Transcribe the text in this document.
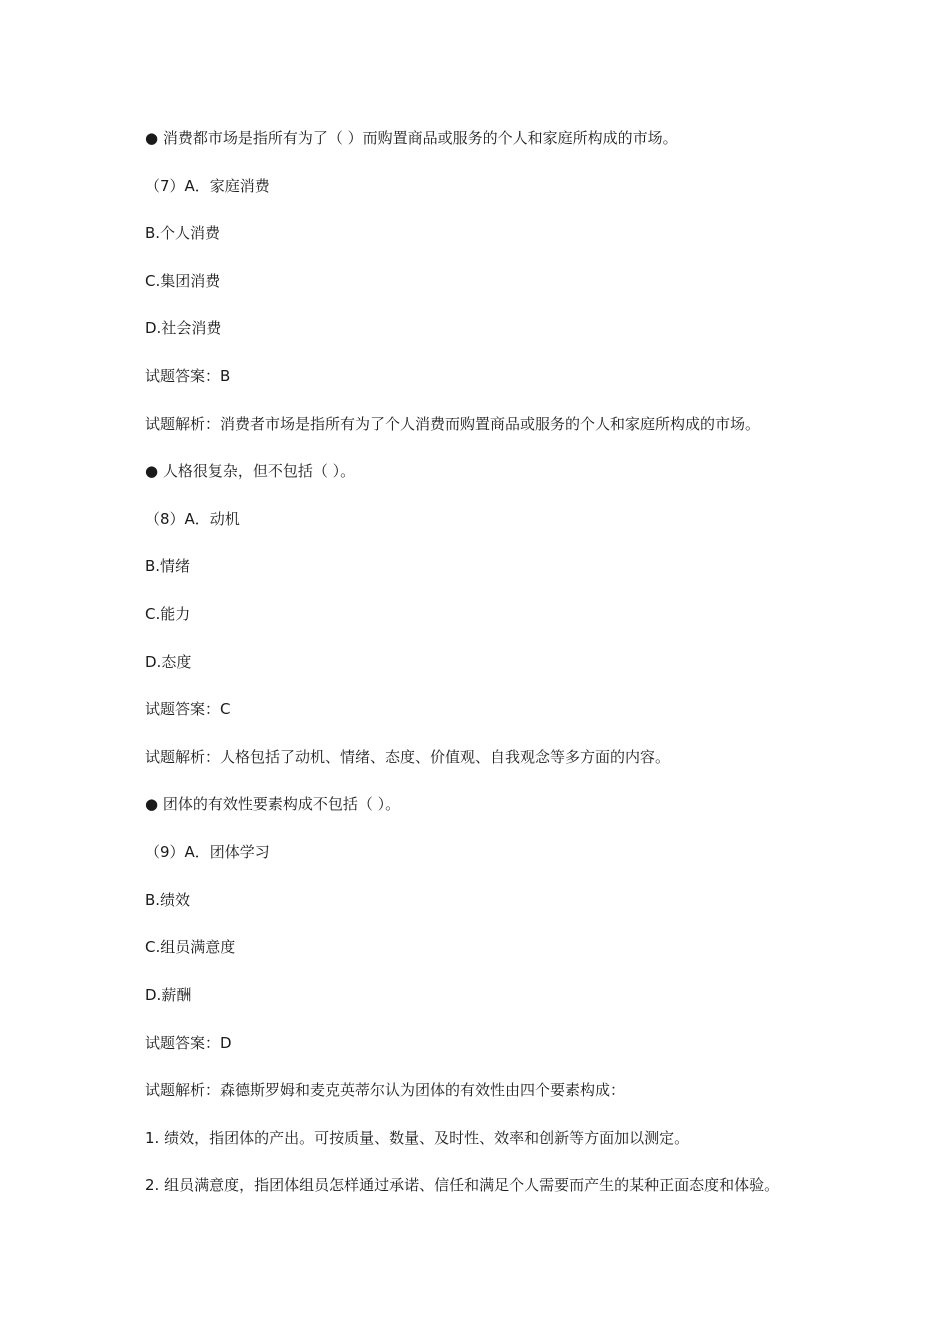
● 消费都市场是指所有为了（ ）而购置商品或服务的个人和家庭所构成的市场。
（7）A．家庭消费
B.个人消费
C.集团消费
D.社会消费
试题答案：B
试题解析：消费者市场是指所有为了个人消费而购置商品或服务的个人和家庭所构成的市场。
● 人格很复杂，但不包括（ ）。
（8）A．动机
B.情绪
C.能力
D.态度
试题答案：C
试题解析：人格包括了动机、情绪、态度、价值观、自我观念等多方面的内容。
● 团体的有效性要素构成不包括（ ）。
（9）A．团体学习
B.绩效
C.组员满意度
D.薪酬
试题答案：D
试题解析：森德斯罗姆和麦克英蒂尔认为团体的有效性由四个要素构成：
1. 绩效，指团体的产出。可按质量、数量、及时性、效率和创新等方面加以测定。
2. 组员满意度，指团体组员怎样通过承诺、信任和满足个人需要而产生的某种正面态度和体验。
